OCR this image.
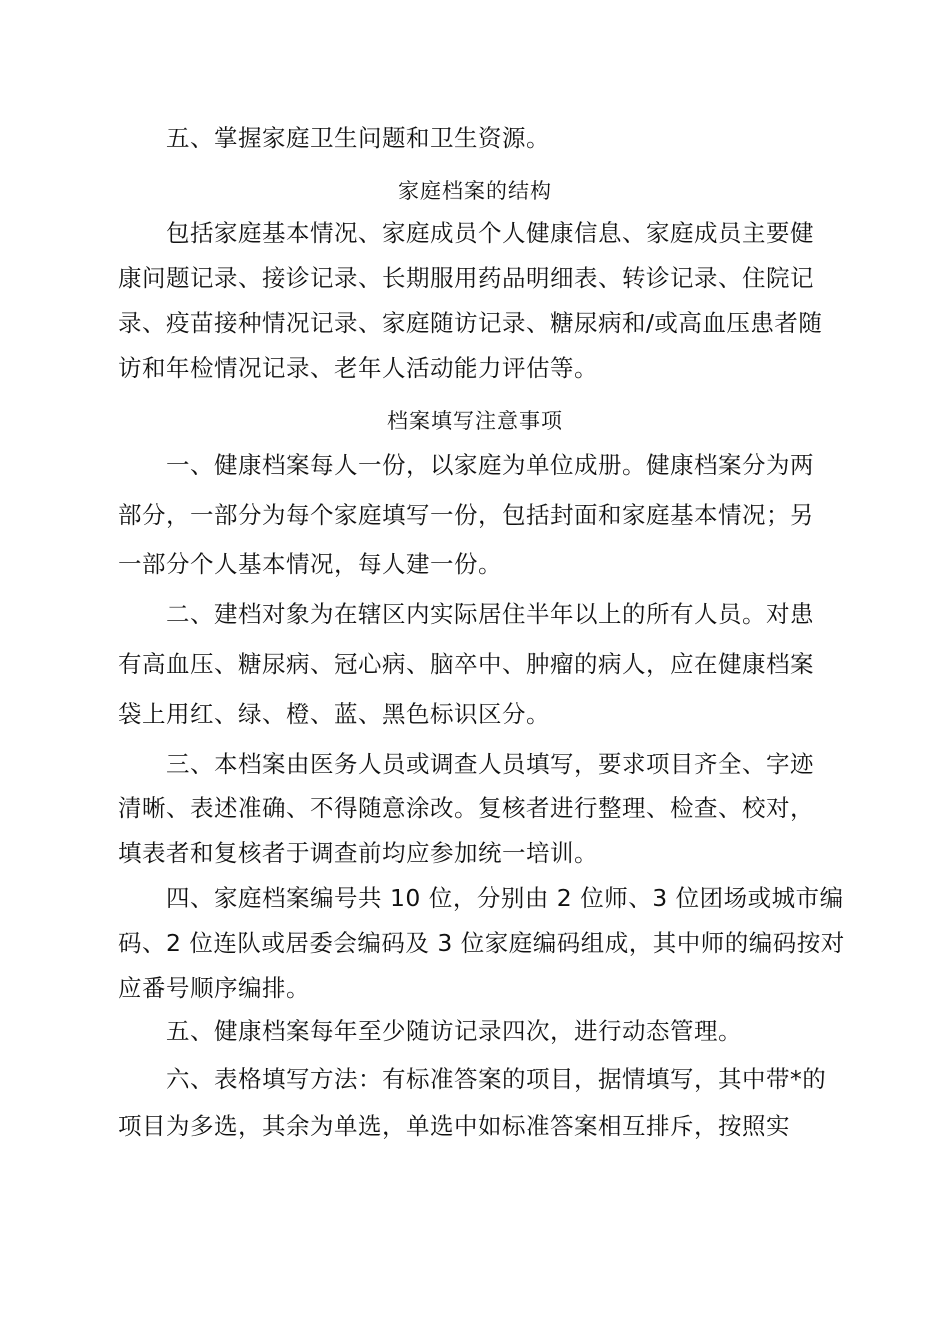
五、掌握家庭卫生问题和卫生资源。
家庭档案的结构
包括家庭基本情况、家庭成员个人健康信息、家庭成员主要健
康问题记录、接诊记录、长期服用药品明细表、转诊记录、住院记
录、疫苗接种情况记录、家庭随访记录、糖尿病和/或高血压患者随
访和年检情况记录、老年人活动能力评估等。
档案填写注意事项
一、健康档案每人一份，以家庭为单位成册。健康档案分为两
部分，一部分为每个家庭填写一份，包括封面和家庭基本情况；另
一部分个人基本情况，每人建一份。
二、建档对象为在辖区内实际居住半年以上的所有人员。对患
有高血压、糖尿病、冠心病、脑卒中、肿瘤的病人，应在健康档案
袋上用红、绿、橙、蓝、黑色标识区分。
三、本档案由医务人员或调查人员填写，要求项目齐全、字迹
清晰、表述准确、不得随意涂改。复核者进行整理、检查、校对，
填表者和复核者于调查前均应参加统一培训。
四、家庭档案编号共 10 位，分别由 2 位师、3 位团场或城市编
码、2 位连队或居委会编码及 3 位家庭编码组成，其中师的编码按对
应番号顺序编排。
五、健康档案每年至少随访记录四次，进行动态管理。
六、表格填写方法：有标准答案的项目，据情填写，其中带*的
项目为多选，其余为单选，单选中如标准答案相互排斥，按照实
